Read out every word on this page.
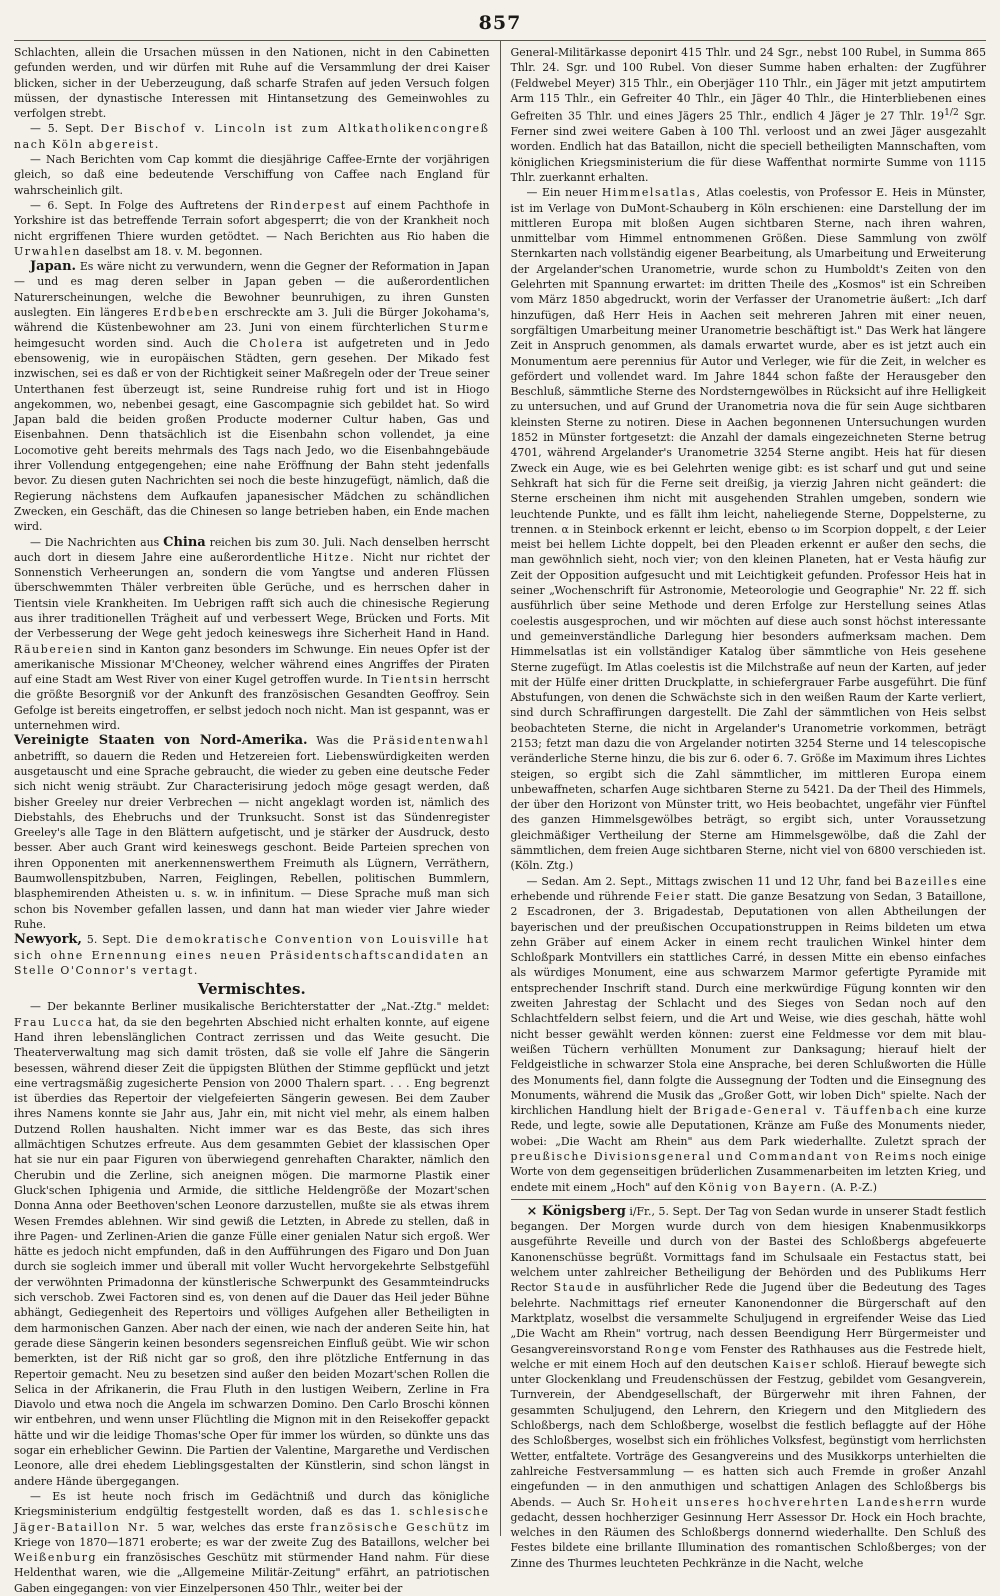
857

Schlachten, allein die Ursachen müssen in den Nationen, nicht in den Cabinetten gefunden werden, und wir dürfen mit Ruhe auf die Versammlung der drei Kaiser blicken, sicher in der Ueberzeugung, daß scharfe Strafen auf jeden Versuch folgen müssen, der dynastische Interessen mit Hintansetzung des Gemeinwohles zu verfolgen strebt.

— 5. Sept. Der Bischof v. Lincoln ist zum Altkatholikencongreß nach Köln abgereist.

— Nach Berichten vom Cap kommt die diesjährige Caffee-Ernte der vorjährigen gleich, so daß eine bedeutende Verschiffung von Caffee nach England für wahrscheinlich gilt.

— 6. Sept. In Folge des Auftretens der Rinderpest auf einem Pachthofe in Yorkshire ist das betreffende Terrain sofort abgesperrt; die von der Krankheit noch nicht ergriffenen Thiere wurden getödtet. — Nach Berichten aus Rio haben die Urwahlen daselbst am 18. v. M. begonnen.

Japan. Es wäre nicht zu verwundern, wenn die Gegner der Reformation in Japan — und es mag deren selber in Japan geben — die außerordentlichen Naturerscheinungen, welche die Bewohner beunruhigen, zu ihren Gunsten auslegten. Ein längeres Erdbeben erschreckte am 3. Juli die Bürger Jokohama's, während die Küstenbewohner am 23. Juni von einem fürchterlichen Sturme heimgesucht worden sind. Auch die Cholera ist aufgetreten und in Jedo ebensowenig, wie in europäischen Städten, gern gesehen. Der Mikado fest inzwischen, sei es daß er von der Richtigkeit seiner Maßregeln oder der Treue seiner Unterthanen fest überzeugt ist, seine Rundreise ruhig fort und ist in Hiogo angekommen, wo, nebenbei gesagt, eine Gascompagnie sich gebildet hat. So wird Japan bald die beiden großen Producte moderner Cultur haben, Gas und Eisenbahnen. Denn thatsächlich ist die Eisenbahn schon vollendet, ja eine Locomotive geht bereits mehrmals des Tags nach Jedo, wo die Eisenbahngebäude ihrer Vollendung entgegengehen; eine nahe Eröffnung der Bahn steht jedenfalls bevor. Zu diesen guten Nachrichten sei noch die beste hinzugefügt, nämlich, daß die Regierung nächstens dem Aufkaufen japanesischer Mädchen zu schändlichen Zwecken, ein Geschäft, das die Chinesen so lange betrieben haben, ein Ende machen wird.

— Die Nachrichten aus China reichen bis zum 30. Juli. Nach denselben herrscht auch dort in diesem Jahre eine außerordentliche Hitze. Nicht nur richtet der Sonnenstich Verheerungen an, sondern die vom Yangtse und anderen Flüssen überschwemmten Thäler verbreiten üble Gerüche, und es herrschen daher in Tientsin viele Krankheiten. Im Uebrigen rafft sich auch die chinesische Regierung aus ihrer traditionellen Trägheit auf und verbessert Wege, Brücken und Forts. Mit der Verbesserung der Wege geht jedoch keineswegs ihre Sicherheit Hand in Hand. Räubereien sind in Kanton ganz besonders im Schwunge. Ein neues Opfer ist der amerikanische Missionar M'Cheoney, welcher während eines Angriffes der Piraten auf eine Stadt am West River von einer Kugel getroffen wurde. In Tientsin herrscht die größte Besorgniß vor der Ankunft des französischen Gesandten Geoffroy. Sein Gefolge ist bereits eingetroffen, er selbst jedoch noch nicht. Man ist gespannt, was er unternehmen wird.

Vereinigte Staaten von Nord-Amerika. Was die Präsidentenwahl anbetrifft, so dauern die Reden und Hetzereien fort. Liebenswürdigkeiten werden ausgetauscht und eine Sprache gebraucht, die wieder zu geben eine deutsche Feder sich nicht wenig sträubt. Zur Characterisirung jedoch möge gesagt werden, daß bisher Greeley nur dreier Verbrechen — nicht angeklagt worden ist, nämlich des Diebstahls, des Ehebruchs und der Trunksucht. Sonst ist das Sündenregister Greeley's alle Tage in den Blättern aufgetischt, und je stärker der Ausdruck, desto besser. Aber auch Grant wird keineswegs geschont. Beide Parteien sprechen von ihren Opponenten mit anerkennenswerthem Freimuth als Lügnern, Verräthern, Baumwollenspitzbuben, Narren, Feiglingen, Rebellen, politischen Bummlern, blasphemirenden Atheisten u. s. w. in infinitum. — Diese Sprache muß man sich schon bis November gefallen lassen, und dann hat man wieder vier Jahre wieder Ruhe.

Newyork, 5. Sept. Die demokratische Convention von Louisville hat sich ohne Ernennung eines neuen Präsidentschaftscandidaten an Stelle O'Connor's vertagt.

Vermischtes.

— Der bekannte Berliner musikalische Berichterstatter der „Nat.-Ztg." meldet: Frau Lucca hat, da sie den begehrten Abschied nicht erhalten konnte, auf eigene Hand ihren lebenslänglichen Contract zerrissen und das Weite gesucht. Die Theaterverwaltung mag sich damit trösten, daß sie volle elf Jahre die Sängerin besessen, während dieser Zeit die üppigsten Blüthen der Stimme gepflückt und jetzt eine vertragsmäßig zugesicherte Pension von 2000 Thalern spart. . . . Eng begrenzt ist überdies das Repertoir der vielgefeierten Sängerin gewesen. Bei dem Zauber ihres Namens konnte sie Jahr aus, Jahr ein, mit nicht viel mehr, als einem halben Dutzend Rollen haushalten. Nicht immer war es das Beste, das sich ihres allmächtigen Schutzes erfreute. Aus dem gesammten Gebiet der klassischen Oper hat sie nur ein paar Figuren von überwiegend genrehaften Charakter, nämlich den Cherubin und die Zerline, sich aneignen mögen. Die marmorne Plastik einer Gluck'schen Iphigenia und Armide, die sittliche Heldengröße der Mozart'schen Donna Anna oder Beethoven'schen Leonore darzustellen, mußte sie als etwas ihrem Wesen Fremdes ablehnen. Wir sind gewiß die Letzten, in Abrede zu stellen, daß in ihre Pagen- und Zerlinen-Arien die ganze Fülle einer genialen Natur sich ergoß. Wer hätte es jedoch nicht empfunden, daß in den Aufführungen des Figaro und Don Juan durch sie sogleich immer und überall mit voller Wucht hervorgekehrte Selbstgefühl der verwöhnten Primadonna der künstlerische Schwerpunkt des Gesammteindrucks sich verschob. Zwei Factoren sind es, von denen auf die Dauer das Heil jeder Bühne abhängt, Gediegenheit des Repertoirs und völliges Aufgehen aller Betheiligten in dem harmonischen Ganzen. Aber nach der einen, wie nach der anderen Seite hin, hat gerade diese Sängerin keinen besonders segensreichen Einfluß geübt. Wie wir schon bemerkten, ist der Riß nicht gar so groß, den ihre plötzliche Entfernung in das Repertoir gemacht. Neu zu besetzen sind außer den beiden Mozart'schen Rollen die Selica in der Afrikanerin, die Frau Fluth in den lustigen Weibern, Zerline in Fra Diavolo und etwa noch die Angela im schwarzen Domino. Den Carlo Broschi können wir entbehren, und wenn unser Flüchtling die Mignon mit in den Reisekoffer gepackt hätte und wir die leidige Thomas'sche Oper für immer los würden, so dünkte uns das sogar ein erheblicher Gewinn. Die Partien der Valentine, Margarethe und Verdischen Leonore, alle drei ehedem Lieblingsgestalten der Künstlerin, sind schon längst in andere Hände übergegangen.

— Es ist heute noch frisch im Gedächtniß und durch das königliche Kriegsministerium endgültig festgestellt worden, daß es das 1. schlesische Jäger-Bataillon Nr. 5 war, welches das erste französische Geschütz im Kriege von 1870—1871 eroberte; es war der zweite Zug des Bataillons, welcher bei Weißenburg ein französisches Geschütz mit stürmender Hand nahm. Für diese Heldenthat waren, wie die „Allgemeine Militär-Zeitung" erfährt, an patriotischen Gaben eingegangen: von vier Einzelpersonen 450 Thlr., weiter bei der

General-Militärkasse deponirt 415 Thlr. und 24 Sgr., nebst 100 Rubel, in Summa 865 Thlr. 24. Sgr. und 100 Rubel. Von dieser Summe haben erhalten: der Zugführer (Feldwebel Meyer) 315 Thlr., ein Oberjäger 110 Thlr., ein Jäger mit jetzt amputirtem Arm 115 Thlr., ein Gefreiter 40 Thlr., ein Jäger 40 Thlr., die Hinterbliebenen eines Gefreiten 35 Thlr. und eines Jägers 25 Thlr., endlich 4 Jäger je 27 Thlr. $19^{1/2}$ Sgr. Ferner sind zwei weitere Gaben à 100 Thl. verloost und an zwei Jäger ausgezahlt worden. Endlich hat das Bataillon, nicht die speciell betheiligten Mannschaften, vom königlichen Kriegsministerium die für diese Waffenthat normirte Summe von 1115 Thlr. zuerkannt erhalten.

— Ein neuer Himmelsatlas, Atlas coelestis, von Professor E. Heis in Münster, ist im Verlage von DuMont-Schauberg in Köln erschienen: eine Darstellung der im mittleren Europa mit bloßen Augen sichtbaren Sterne, nach ihren wahren, unmittelbar vom Himmel entnommenen Größen. Diese Sammlung von zwölf Sternkarten nach vollständig eigener Bearbeitung, als Umarbeitung und Erweiterung der Argelander'schen Uranometrie, wurde schon zu Humboldt's Zeiten von den Gelehrten mit Spannung erwartet: im dritten Theile des „Kosmos" ist ein Schreiben vom März 1850 abgedruckt, worin der Verfasser der Uranometrie äußert: „Ich darf hinzufügen, daß Herr Heis in Aachen seit mehreren Jahren mit einer neuen, sorgfältigen Umarbeitung meiner Uranometrie beschäftigt ist." Das Werk hat längere Zeit in Anspruch genommen, als damals erwartet wurde, aber es ist jetzt auch ein Monumentum aere perennius für Autor und Verleger, wie für die Zeit, in welcher es gefördert und vollendet ward. Im Jahre 1844 schon faßte der Herausgeber den Beschluß, sämmtliche Sterne des Nordsterngewölbes in Rücksicht auf ihre Helligkeit zu untersuchen, und auf Grund der Uranometria nova die für sein Auge sichtbaren kleinsten Sterne zu notiren. Diese in Aachen begonnenen Untersuchungen wurden 1852 in Münster fortgesetzt: die Anzahl der damals eingezeichneten Sterne betrug 4701, während Argelander's Uranometrie 3254 Sterne angibt. Heis hat für diesen Zweck ein Auge, wie es bei Gelehrten wenige gibt: es ist scharf und gut und seine Sehkraft hat sich für die Ferne seit dreißig, ja vierzig Jahren nicht geändert: die Sterne erscheinen ihm nicht mit ausgehenden Strahlen umgeben, sondern wie leuchtende Punkte, und es fällt ihm leicht, naheliegende Sterne, Doppelsterne, zu trennen. α in Steinbock erkennt er leicht, ebenso ω im Scorpion doppelt, ε der Leier meist bei hellem Lichte doppelt, bei den Pleaden erkennt er außer den sechs, die man gewöhnlich sieht, noch vier; von den kleinen Planeten, hat er Vesta häufig zur Zeit der Opposition aufgesucht und mit Leichtigkeit gefunden. Professor Heis hat in seiner „Wochenschrift für Astronomie, Meteorologie und Geographie" Nr. 22 ff. sich ausführlich über seine Methode und deren Erfolge zur Herstellung seines Atlas coelestis ausgesprochen, und wir möchten auf diese auch sonst höchst interessante und gemeinverständliche Darlegung hier besonders aufmerksam machen. Dem Himmelsatlas ist ein vollständiger Katalog über sämmtliche von Heis gesehene Sterne zugefügt. Im Atlas coelestis ist die Milchstraße auf neun der Karten, auf jeder mit der Hülfe einer dritten Druckplatte, in schiefergrauer Farbe ausgeführt. Die fünf Abstufungen, von denen die Schwächste sich in den weißen Raum der Karte verliert, sind durch Schraffirungen dargestellt. Die Zahl der sämmtlichen von Heis selbst beobachteten Sterne, die nicht in Argelander's Uranometrie vorkommen, beträgt 2153; fetzt man dazu die von Argelander notirten 3254 Sterne und 14 telescopische veränderliche Sterne hinzu, die bis zur 6. oder 6. 7. Größe im Maximum ihres Lichtes steigen, so ergibt sich die Zahl sämmtlicher, im mittleren Europa einem unbewaffneten, scharfen Auge sichtbaren Sterne zu 5421. Da der Theil des Himmels, der über den Horizont von Münster tritt, wo Heis beobachtet, ungefähr vier Fünftel des ganzen Himmelsgewölbes beträgt, so ergibt sich, unter Voraussetzung gleichmäßiger Vertheilung der Sterne am Himmelsgewölbe, daß die Zahl der sämmtlichen, dem freien Auge sichtbaren Sterne, nicht viel von 6800 verschieden ist. (Köln. Ztg.)

— Sedan. Am 2. Sept., Mittags zwischen 11 und 12 Uhr, fand bei Bazeilles eine erhebende und rührende Feier statt. Die ganze Besatzung von Sedan, 3 Bataillone, 2 Escadronen, der 3. Brigadestab, Deputationen von allen Abtheilungen der bayerischen und der preußischen Occupationstruppen in Reims bildeten um etwa zehn Gräber auf einem Acker in einem recht traulichen Winkel hinter dem Schloßpark Montvillers ein stattliches Carré, in dessen Mitte ein ebenso einfaches als würdiges Monument, eine aus schwarzem Marmor gefertigte Pyramide mit entsprechender Inschrift stand. Durch eine merkwürdige Fügung konnten wir den zweiten Jahrestag der Schlacht und des Sieges von Sedan noch auf den Schlachtfeldern selbst feiern, und die Art und Weise, wie dies geschah, hätte wohl nicht besser gewählt werden können: zuerst eine Feldmesse vor dem mit blau-weißen Tüchern verhüllten Monument zur Danksagung; hierauf hielt der Feldgeistliche in schwarzer Stola eine Ansprache, bei deren Schlußworten die Hülle des Monuments fiel, dann folgte die Aussegnung der Todten und die Einsegnung des Monuments, während die Musik das „Großer Gott, wir loben Dich" spielte. Nach der kirchlichen Handlung hielt der Brigade-General v. Täuffenbach eine kurze Rede, und legte, sowie alle Deputationen, Kränze am Fuße des Monuments nieder, wobei: „Die Wacht am Rhein" aus dem Park wiederhallte. Zuletzt sprach der preußische Divisionsgeneral und Commandant von Reims noch einige Worte von dem gegenseitigen brüderlichen Zusammenarbeiten im letzten Krieg, und endete mit einem „Hoch" auf den König von Bayern. (A. P.-Z.)

⨯ Königsberg i/Fr., 5. Sept. Der Tag von Sedan wurde in unserer Stadt festlich begangen. Der Morgen wurde durch von dem hiesigen Knabenmusikkorps ausgeführte Reveille und durch von der Bastei des Schloßbergs abgefeuerte Kanonenschüsse begrüßt. Vormittags fand im Schulsaale ein Festactus statt, bei welchem unter zahlreicher Betheiligung der Behörden und des Publikums Herr Rector Staude in ausführlicher Rede die Jugend über die Bedeutung des Tages belehrte. Nachmittags rief erneuter Kanonendonner die Bürgerschaft auf den Marktplatz, woselbst die versammelte Schuljugend in ergreifender Weise das Lied „Die Wacht am Rhein" vortrug, nach dessen Beendigung Herr Bürgermeister und Gesangvereinsvorstand Ronge vom Fenster des Rathhauses aus die Festrede hielt, welche er mit einem Hoch auf den deutschen Kaiser schloß. Hierauf bewegte sich unter Glockenklang und Freudenschüssen der Festzug, gebildet vom Gesangverein, Turnverein, der Abendgesellschaft, der Bürgerwehr mit ihren Fahnen, der gesammten Schuljugend, den Lehrern, den Kriegern und den Mitgliedern des Schloßbergs, nach dem Schloßberge, woselbst die festlich beflaggte auf der Höhe des Schloßberges, woselbst sich ein fröhliches Volksfest, begünstigt vom herrlichsten Wetter, entfaltete. Vorträge des Gesangvereins und des Musikkorps unterhielten die zahlreiche Festversammlung — es hatten sich auch Fremde in großer Anzahl eingefunden — in den anmuthigen und schattigen Anlagen des Schloßbergs bis Abends. — Auch Sr. Hoheit unseres hochverehrten Landesherrn wurde gedacht, dessen hochherziger Gesinnung Herr Assessor Dr. Hock ein Hoch brachte, welches in den Räumen des Schloßbergs donnernd wiederhallte. Den Schluß des Festes bildete eine brillante Illumination des romantischen Schloßberges; von der Zinne des Thurmes leuchteten Pechkränze in die Nacht, welche
